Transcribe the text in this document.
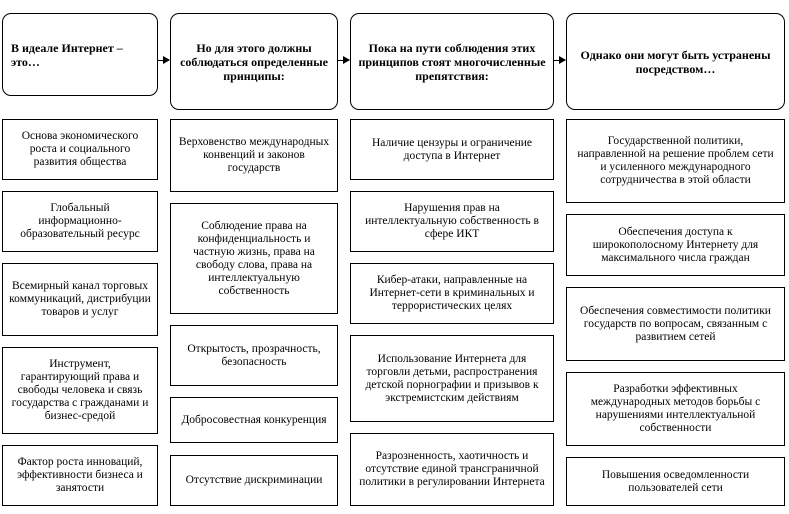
В идеале Интернет – это…
Но для этого должны соблюдаться определенные принципы:
Пока на пути соблюдения этих принципов стоят многочисленные препятствия:
Однако они могут быть устранены посредством…
Основа экономического роста и социального развития общества
Глобальный информационно-образовательный ресурс
Всемирный канал торговых коммуникаций, дистрибуции товаров и услуг
Инструмент, гарантирующий права и свободы человека и связь государства с гражданами и бизнес-средой
Фактор роста инноваций, эффективности бизнеса и занятости
Верховенство международных конвенций и законов государств
Соблюдение права на конфиденциальность и частную жизнь, права на свободу слова, права на интеллектуальную собственность
Открытость, прозрачность, безопасность
Добросовестная конкуренция
Отсутствие дискриминации
Наличие цензуры и ограничение доступа в Интернет
Нарушения прав на интеллектуальную собственность в сфере ИКТ
Кибер-атаки, направленные на Интернет-сети в криминальных и террористических целях
Использование Интернета для торговли детьми, распространения детской порнографии и призывов к экстремистским действиям
Разрозненность, хаотичность и отсутствие единой трансграничной политики в регулировании Интернета
Государственной политики, направленной на решение проблем сети и усиленного международного сотрудничества в этой области
Обеспечения доступа к широкополосному Интернету для максимального числа граждан
Обеспечения совместимости политики государств по вопросам, связанным с развитием сетей
Разработки эффективных международных методов борьбы с нарушениями интеллектуальной собственности
Повышения осведомленности пользователей сети
